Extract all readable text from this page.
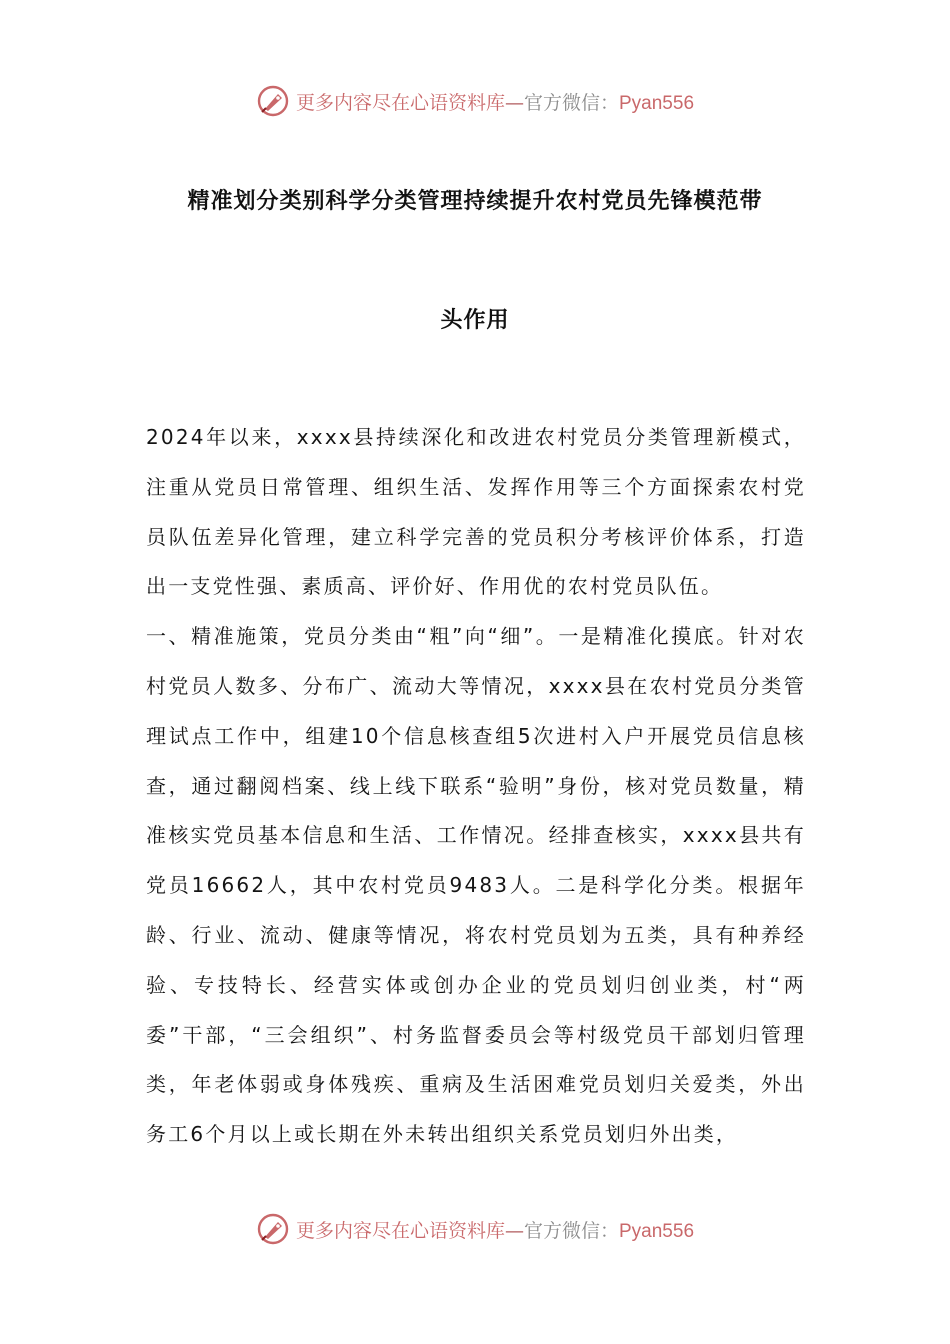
更多内容尽在心语资料库—官方微信：Pyan556
精准划分类别科学分类管理持续提升农村党员先锋模范带
头作用

2024年以来，xxxx县持续深化和改进农村党员分类管理新模式，注重从党员日常管理、组织生活、发挥作用等三个方面探索农村党员队伍差异化管理，建立科学完善的党员积分考核评价体系，打造出一支党性强、素质高、评价好、作用优的农村党员队伍。

一、精准施策，党员分类由“粗”向“细”。一是精准化摸底。针对农村党员人数多、分布广、流动大等情况，xxxx县在农村党员分类管理试点工作中，组建10个信息核查组5次进村入户开展党员信息核查，通过翻阅档案、线上线下联系“验明”身份，核对党员数量，精准核实党员基本信息和生活、工作情况。经排查核实，xxxx县共有党员16662人，其中农村党员9483人。二是科学化分类。根据年龄、行业、流动、健康等情况，将农村党员划为五类，具有种养经验、专技特长、经营实体或创办企业的党员划归创业类，村“两委”干部，“三会组织”、村务监督委员会等村级党员干部划归管理类，年老体弱或身体残疾、重病及生活困难党员划归关爱类，外出务工6个月以上或长期在外未转出组织关系党员划归外出类，

更多内容尽在心语资料库—官方微信：Pyan556
